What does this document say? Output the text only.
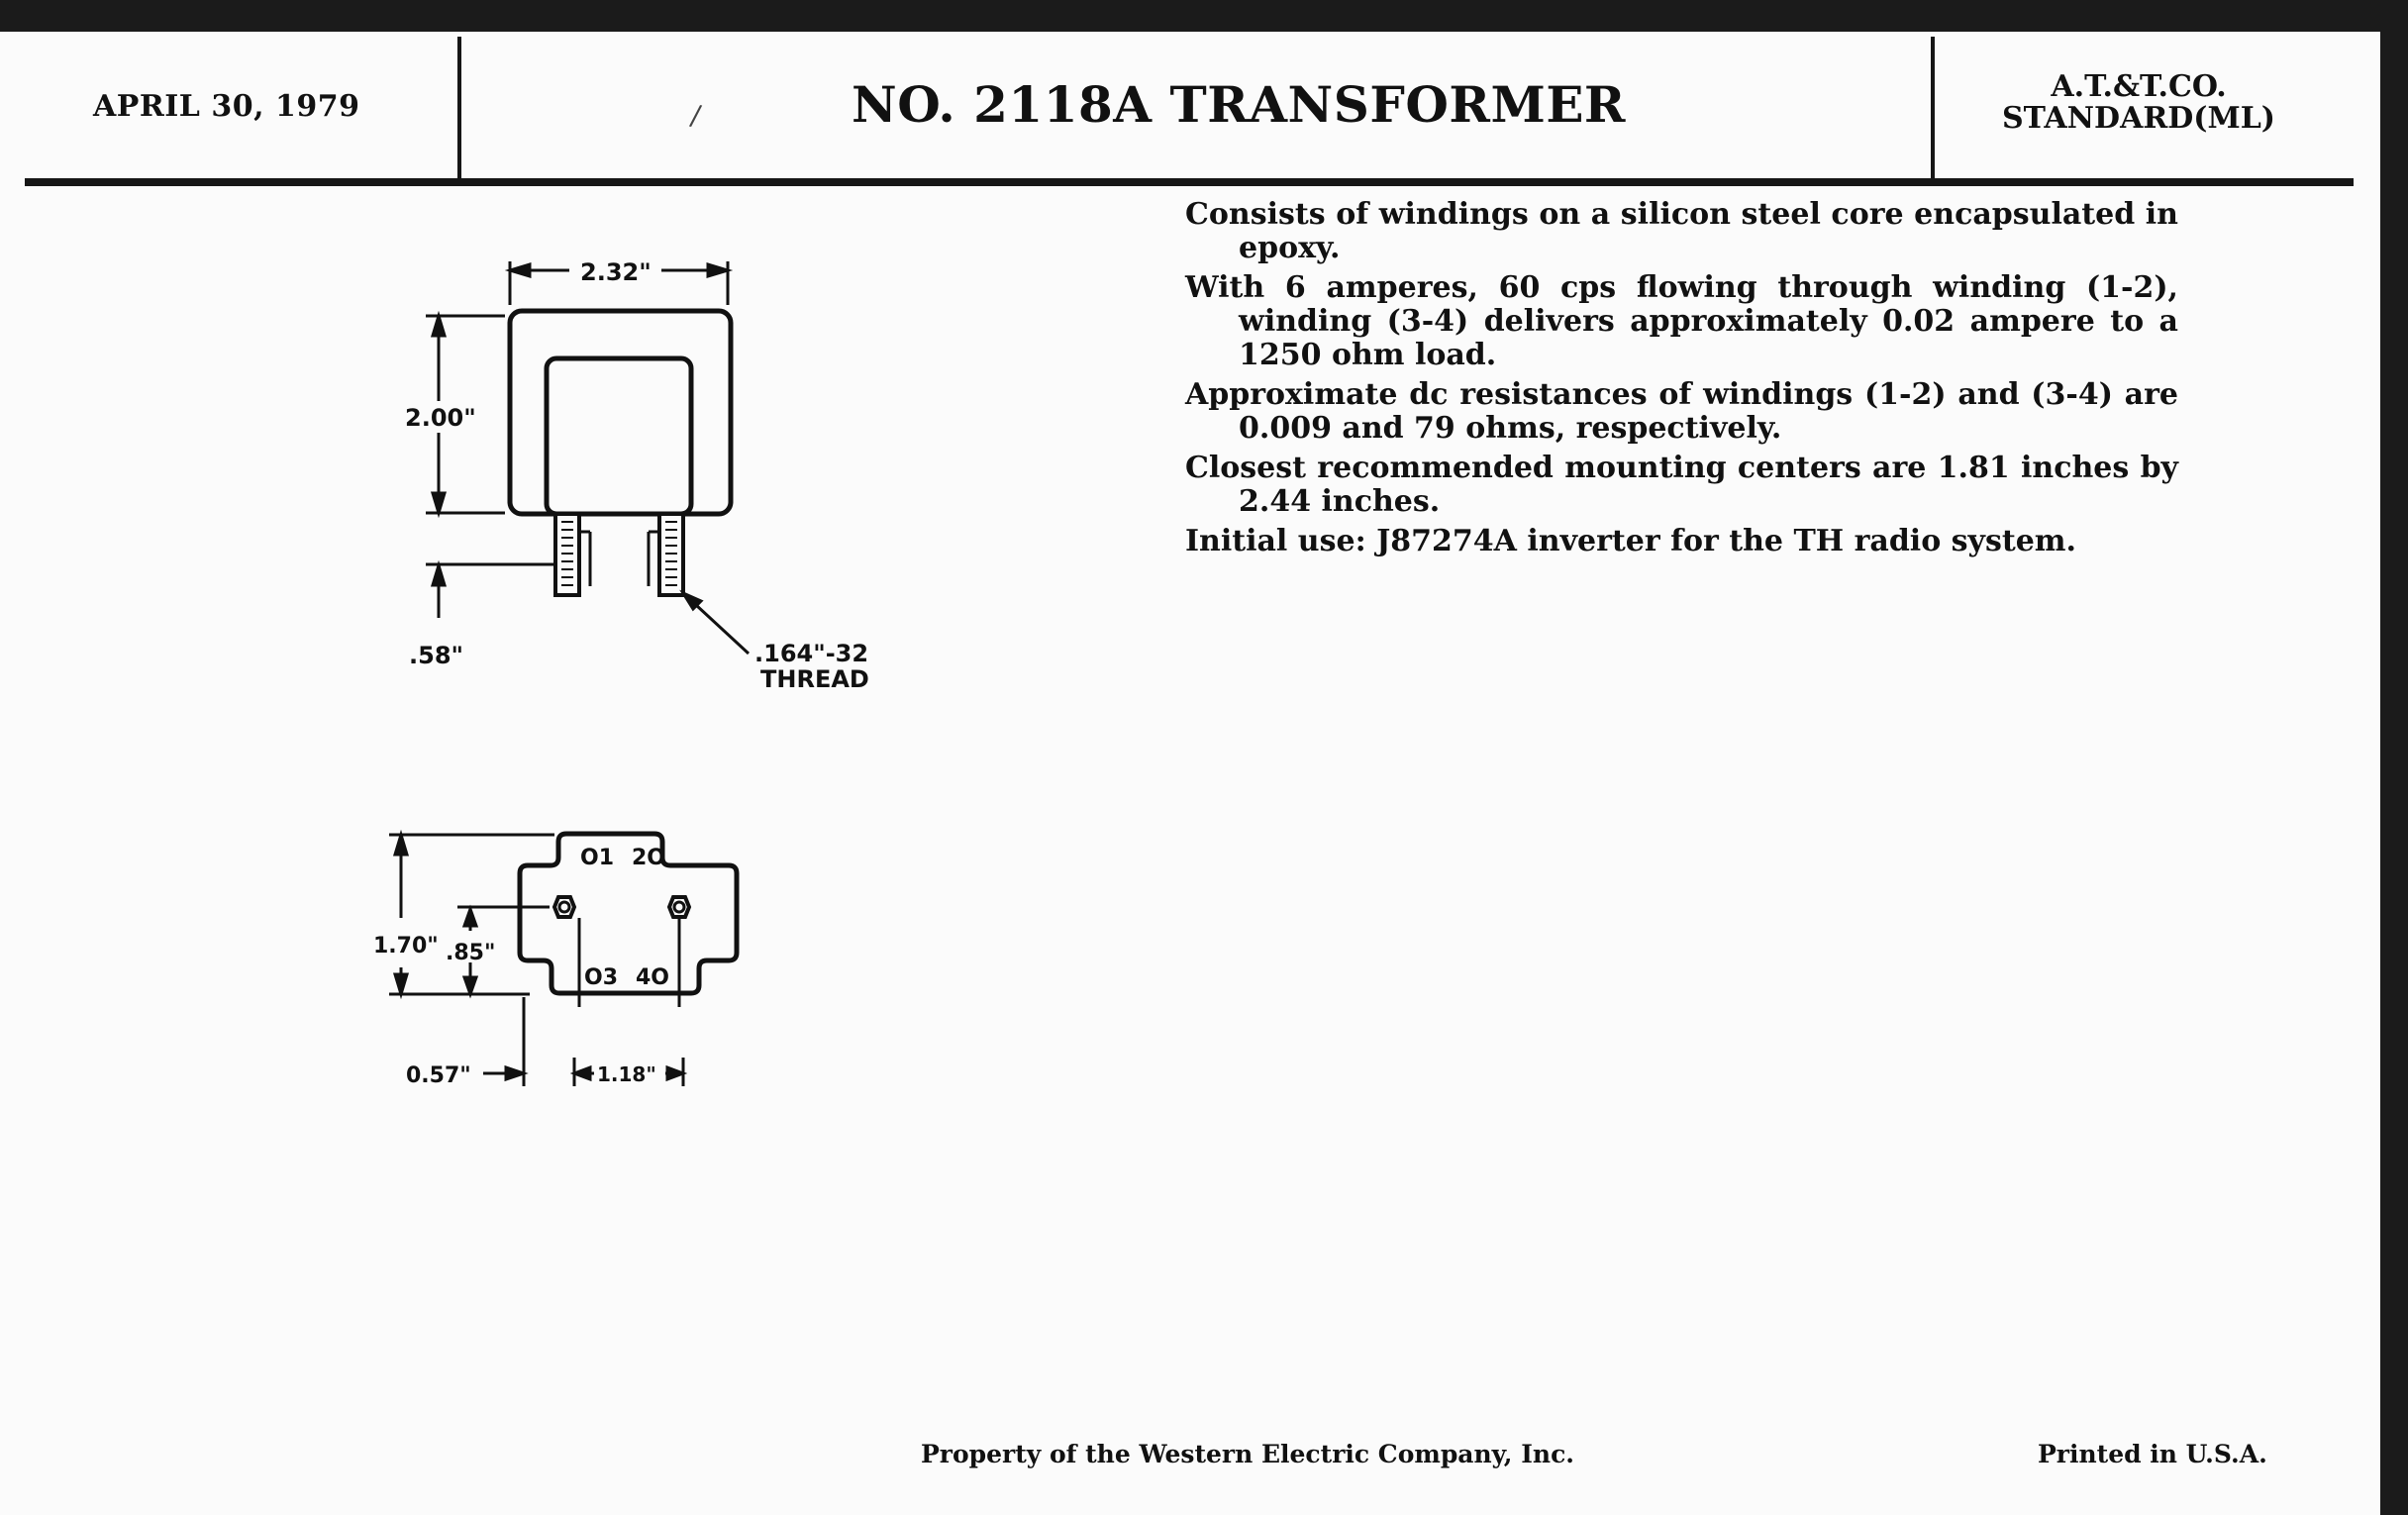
APRIL 30, 1979	/	NO. 2118A TRANSFORMER	A.T.&T.CO.
STANDARD(ML)

Consists of windings on a silicon steel core encapsulated in epoxy.

With 6 amperes, 60 cps flowing through winding (1-2), winding (3-4) delivers approximately 0.02 ampere to a 1250 ohm load.

Approximate dc resistances of windings (1-2) and (3-4) are 0.009 and 79 ohms, respectively.

Closest recommended mounting centers are 1.81 inches by 2.44 inches.

Initial use: J87274A inverter for the TH radio system.

2.32"
2.00"
.58"	.164"-32
THREAD
O1 2O
O3 4O
1.70" .85"
0.57"	1.18"
Property of the Western Electric Company, Inc.	Printed in U.S.A.
